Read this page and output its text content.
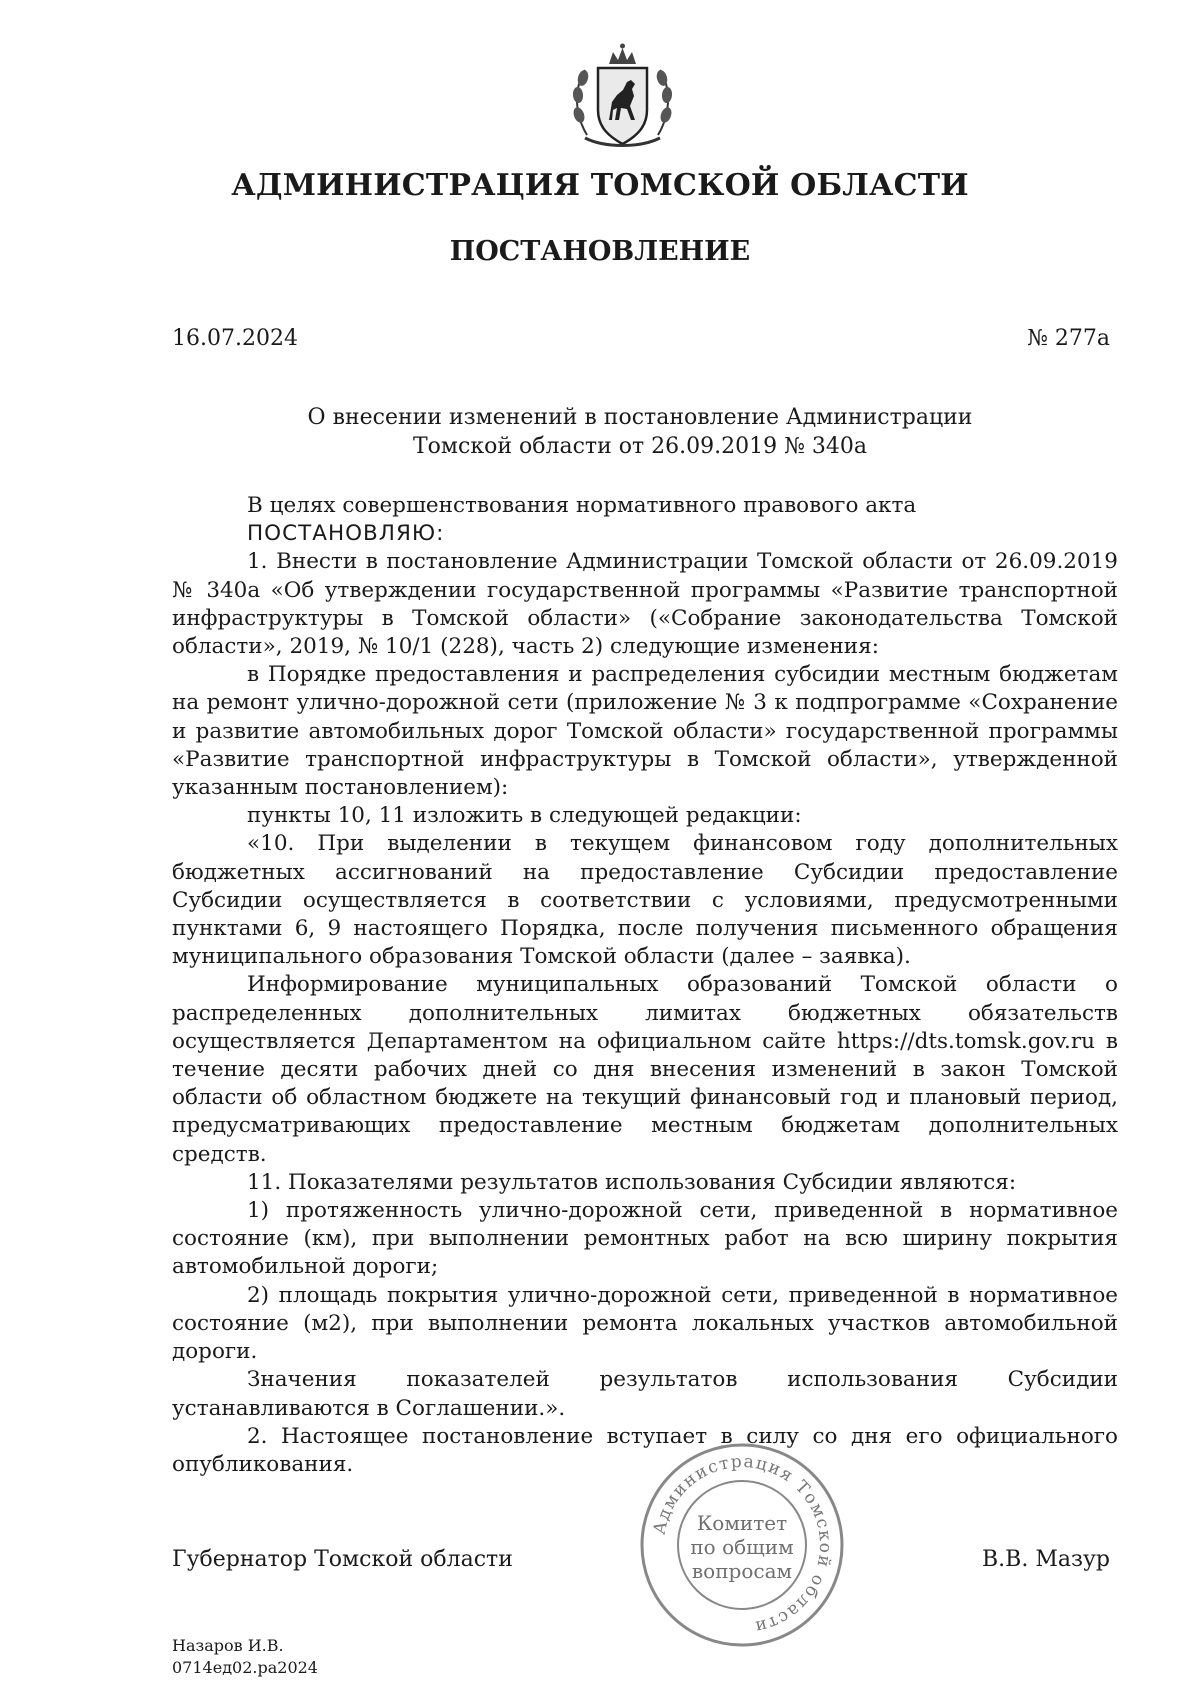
АДМИНИСТРАЦИЯ ТОМСКОЙ ОБЛАСТИ
ПОСТАНОВЛЕНИЕ
16.07.2024	№ 277а
О внесении изменений в постановление Администрации
Томской области от 26.09.2019 № 340а

В целях совершенствования нормативного правового акта

ПОСТАНОВЛЯЮ:

1. Внести в постановление Администрации Томской области от 26.09.2019 № 340а «Об утверждении государственной программы «Развитие транспортной инфраструктуры в Томской области» («Собрание законодательства Томской области», 2019, № 10/1 (228), часть 2) следующие изменения:

в Порядке предоставления и распределения субсидии местным бюджетам на ремонт улично-дорожной сети (приложение № 3 к подпрограмме «Сохранение и развитие автомобильных дорог Томской области» государственной программы «Развитие транспортной инфраструктуры в Томской области», утвержденной указанным постановлением):

пункты 10, 11 изложить в следующей редакции:

«10. При выделении в текущем финансовом году дополнительных бюджетных ассигнований на предоставление Субсидии предоставление Субсидии осуществляется в соответствии с условиями, предусмотренными пунктами 6, 9 настоящего Порядка, после получения письменного обращения муниципального образования Томской области (далее – заявка).

Информирование муниципальных образований Томской области о распределенных дополнительных лимитах бюджетных обязательств осуществляется Департаментом на официальном сайте https://dts.tomsk.gov.ru в течение десяти рабочих дней со дня внесения изменений в закон Томской области об областном бюджете на текущий финансовый год и плановый период, предусматривающих предоставление местным бюджетам дополнительных средств.

11. Показателями результатов использования Субсидии являются:

1) протяженность улично-дорожной сети, приведенной в нормативное состояние (км), при выполнении ремонтных работ на всю ширину покрытия автомобильной дороги;

2) площадь покрытия улично-дорожной сети, приведенной в нормативное состояние (м2), при выполнении ремонта локальных участков автомобильной дороги.

Значения показателей результатов использования Субсидии устанавливаются в Соглашении.».

2. Настоящее постановление вступает в силу со дня его официального опубликования.

Администрация Томской области
Комитет
по общим
вопросам
Губернатор Томской области	В.В. Мазур
Назаров И.В.
0714ед02.ра2024
